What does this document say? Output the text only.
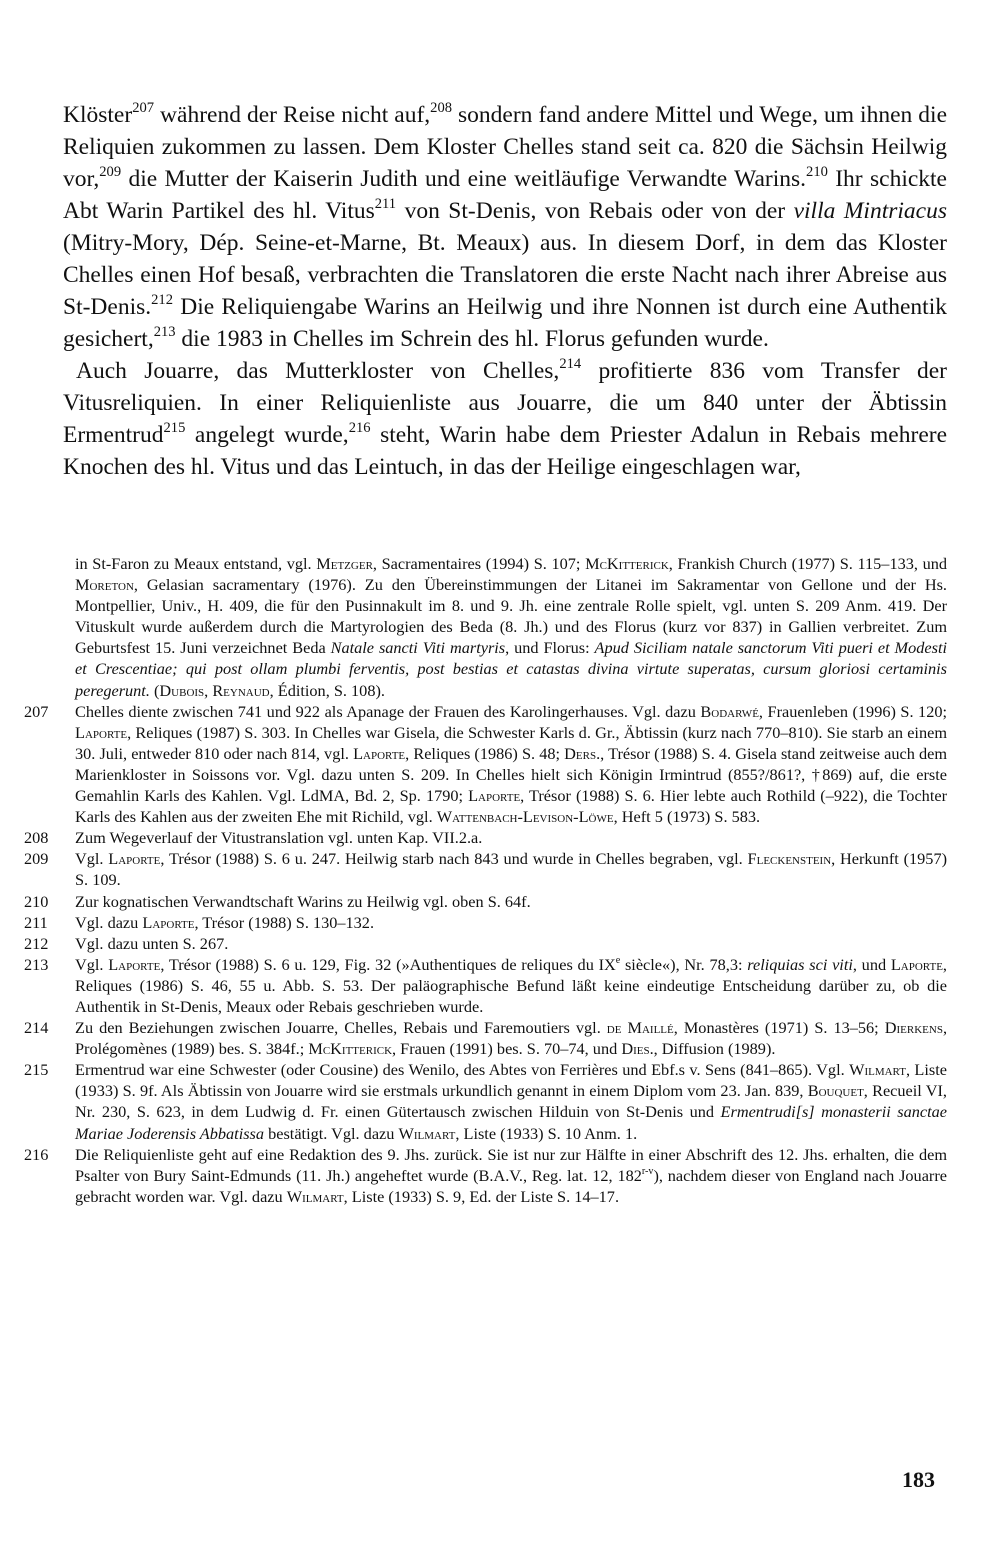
Klöster$^{207}$ während der Reise nicht auf,$^{208}$ sondern fand andere Mittel und Wege, um ihnen die Reliquien zukommen zu lassen. Dem Kloster Chelles stand seit ca. 820 die Sächsin Heilwig vor,$^{209}$ die Mutter der Kaiserin Judith und eine weitläufige Verwandte Warins.$^{210}$ Ihr schickte Abt Warin Partikel des hl. Vitus$^{211}$ von St-Denis, von Rebais oder von der villa Mintriacus (Mitry-Mory, Dép. Seine-et-Marne, Bt. Meaux) aus. In diesem Dorf, in dem das Kloster Chelles einen Hof besaß, verbrachten die Translatoren die erste Nacht nach ihrer Abreise aus St-Denis.$^{212}$ Die Reliquiengabe Warins an Heilwig und ihre Nonnen ist durch eine Authentik gesichert,$^{213}$ die 1983 in Chelles im Schrein des hl. Florus gefunden wurde.

Auch Jouarre, das Mutterkloster von Chelles,$^{214}$ profitierte 836 vom Transfer der Vitusreliquien. In einer Reliquienliste aus Jouarre, die um 840 unter der Äbtissin Ermentrud$^{215}$ angelegt wurde,$^{216}$ steht, Warin habe dem Priester Adalun in Rebais mehrere Knochen des hl. Vitus und das Leintuch, in das der Heilige eingeschlagen war,

in St-Faron zu Meaux entstand, vgl. Metzger, Sacramentaires (1994) S. 107; McKitterick, Frankish Church (1977) S. 115–133, und Moreton, Gelasian sacramentary (1976). Zu den Übereinstimmungen der Litanei im Sakramentar von Gellone und der Hs. Montpellier, Univ., H. 409, die für den Pusinnakult im 8. und 9. Jh. eine zentrale Rolle spielt, vgl. unten S. 209 Anm. 419. Der Vituskult wurde außerdem durch die Martyrologien des Beda (8. Jh.) und des Florus (kurz vor 837) in Gallien verbreitet. Zum Geburtsfest 15. Juni verzeichnet Beda Natale sancti Viti martyris, und Florus: Apud Siciliam natale sanctorum Viti pueri et Modesti et Crescentiae; qui post ollam plumbi ferventis, post bestias et catastas divina virtute superatas, cursum gloriosi certaminis peregerunt. (Dubois, Reynaud, Édition, S. 108).

207	Chelles diente zwischen 741 und 922 als Apanage der Frauen des Karolingerhauses. Vgl. dazu Bodarwé, Frauenleben (1996) S. 120; Laporte, Reliques (1987) S. 303. In Chelles war Gisela, die Schwester Karls d. Gr., Äbtissin (kurz nach 770–810). Sie starb an einem 30. Juli, entweder 810 oder nach 814, vgl. Laporte, Reliques (1986) S. 48; Ders., Trésor (1988) S. 4. Gisela stand zeitweise auch dem Marienkloster in Soissons vor. Vgl. dazu unten S. 209. In Chelles hielt sich Königin Irmintrud (855?/861?, †869) auf, die erste Gemahlin Karls des Kahlen. Vgl. LdMA, Bd. 2, Sp. 1790; Laporte, Trésor (1988) S. 6. Hier lebte auch Rothild (–922), die Tochter Karls des Kahlen aus der zweiten Ehe mit Richild, vgl. Wattenbach-Levison-Löwe, Heft 5 (1973) S. 583.

208	Zum Wegeverlauf der Vitustranslation vgl. unten Kap. VII.2.a.

209	Vgl. Laporte, Trésor (1988) S. 6 u. 247. Heilwig starb nach 843 und wurde in Chelles begraben, vgl. Fleckenstein, Herkunft (1957) S. 109.

210	Zur kognatischen Verwandtschaft Warins zu Heilwig vgl. oben S. 64f.

211	Vgl. dazu Laporte, Trésor (1988) S. 130–132.

212	Vgl. dazu unten S. 267.

213	Vgl. Laporte, Trésor (1988) S. 6 u. 129, Fig. 32 (»Authentiques de reliques du IXe siècle«), Nr. 78,3: reliquias sci viti, und Laporte, Reliques (1986) S. 46, 55 u. Abb. S. 53. Der paläographische Befund läßt keine eindeutige Entscheidung darüber zu, ob die Authentik in St-Denis, Meaux oder Rebais geschrieben wurde.

214	Zu den Beziehungen zwischen Jouarre, Chelles, Rebais und Faremoutiers vgl. de Maillé, Monastères (1971) S. 13–56; Dierkens, Prolégomènes (1989) bes. S. 384f.; McKitterick, Frauen (1991) bes. S. 70–74, und Dies., Diffusion (1989).

215	Ermentrud war eine Schwester (oder Cousine) des Wenilo, des Abtes von Ferrières und Ebf.s v. Sens (841–865). Vgl. Wilmart, Liste (1933) S. 9f. Als Äbtissin von Jouarre wird sie erstmals urkundlich genannt in einem Diplom vom 23. Jan. 839, Bouquet, Recueil VI, Nr. 230, S. 623, in dem Ludwig d. Fr. einen Gütertausch zwischen Hilduin von St-Denis und Ermentrudi[s] monasterii sanctae Mariae Joderensis Abbatissa bestätigt. Vgl. dazu Wilmart, Liste (1933) S. 10 Anm. 1.

216	Die Reliquienliste geht auf eine Redaktion des 9. Jhs. zurück. Sie ist nur zur Hälfte in einer Abschrift des 12. Jhs. erhalten, die dem Psalter von Bury Saint-Edmunds (11. Jh.) angeheftet wurde (B.A.V., Reg. lat. 12, 182$^{r-v}$), nachdem dieser von England nach Jouarre gebracht worden war. Vgl. dazu Wilmart, Liste (1933) S. 9, Ed. der Liste S. 14–17.

183
